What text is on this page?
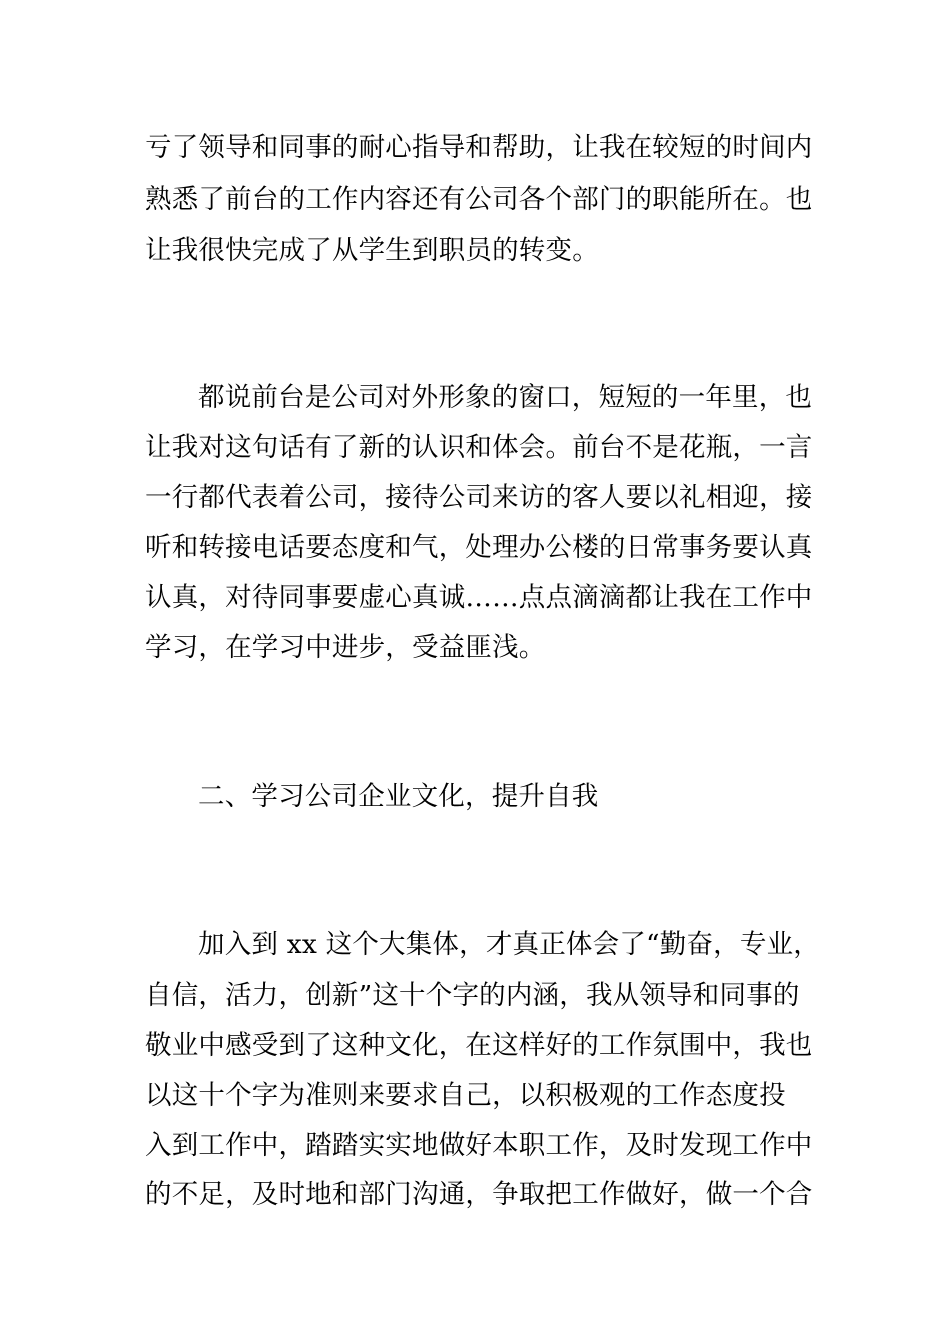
亏了领导和同事的耐心指导和帮助，让我在较短的时间内
熟悉了前台的工作内容还有公司各个部门的职能所在。也
让我很快完成了从学生到职员的转变。
都说前台是公司对外形象的窗口，短短的一年里，也
让我对这句话有了新的认识和体会。前台不是花瓶，一言
一行都代表着公司，接待公司来访的客人要以礼相迎，接
听和转接电话要态度和气，处理办公楼的日常事务要认真
认真，对待同事要虚心真诚……点点滴滴都让我在工作中
学习，在学习中进步，受益匪浅。
二、学习公司企业文化，提升自我
加入到 xx 这个大集体，才真正体会了“勤奋，专业，
自信，活力，创新”这十个字的内涵，我从领导和同事的
敬业中感受到了这种文化，在这样好的工作氛围中，我也
以这十个字为准则来要求自己，以积极观的工作态度投
入到工作中，踏踏实实地做好本职工作，及时发现工作中
的不足，及时地和部门沟通，争取把工作做好，做一个合
